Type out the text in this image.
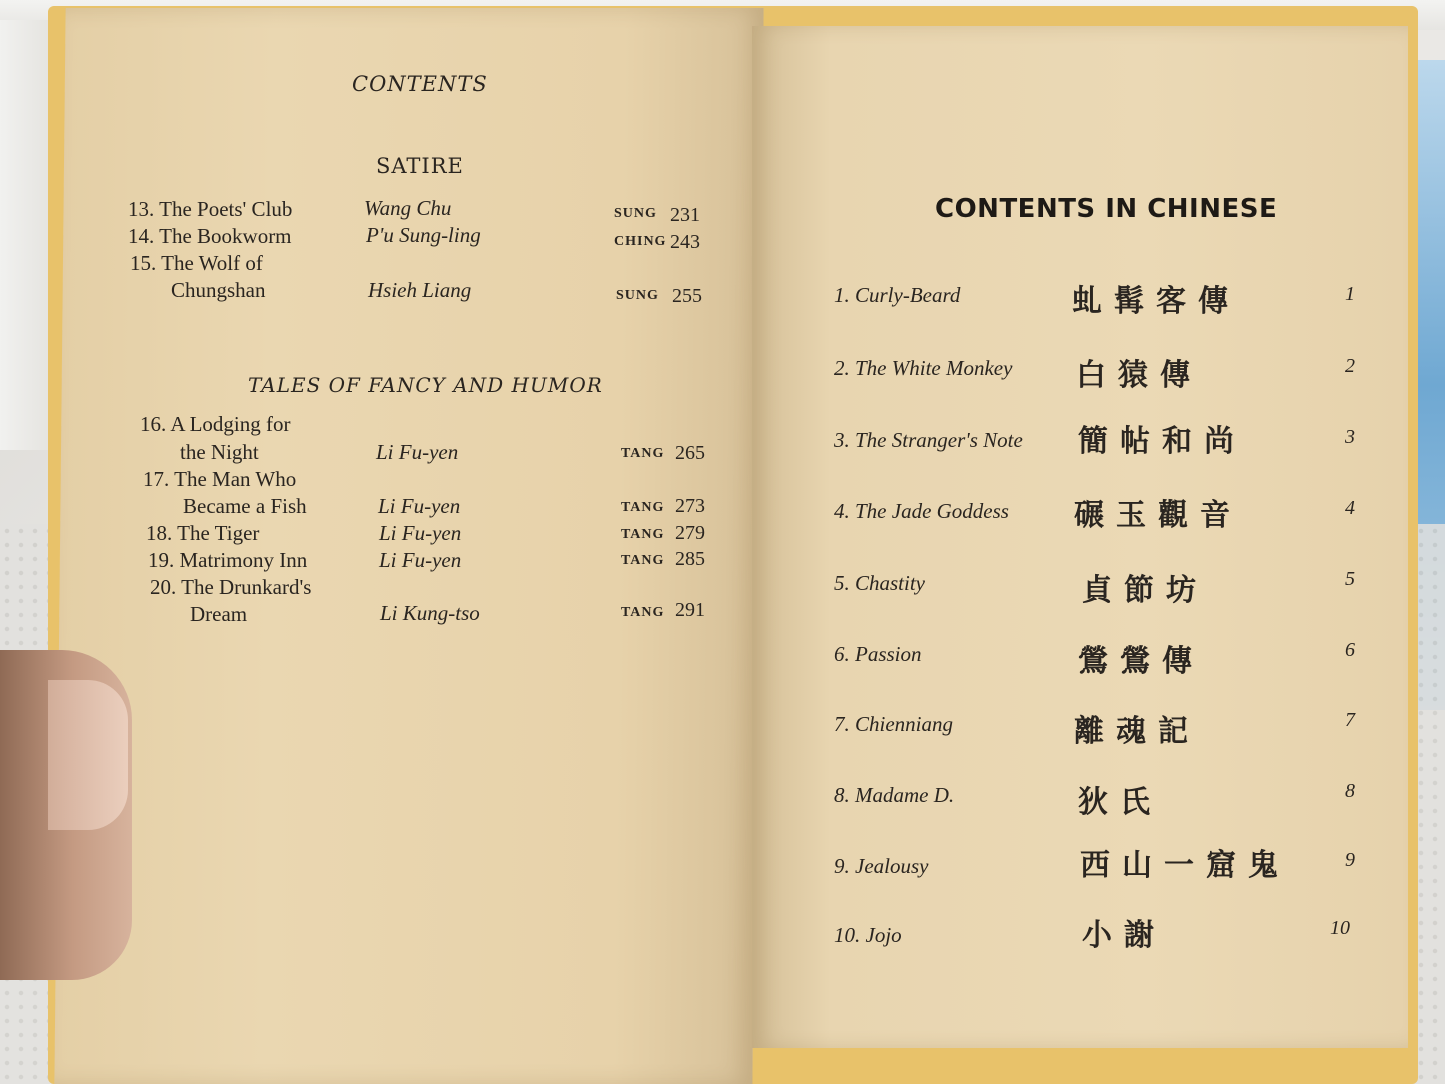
CONTENTS
SATIRE
13. The Poets' Club	Wang Chu	SUNG 231
14. The Bookworm	P'u Sung-ling	CHING 243
15. The Wolf of
Chungshan	Hsieh Liang	SUNG 255
TALES OF FANCY AND HUMOR
16. A Lodging for
the Night	Li Fu-yen	TANG 265
17. The Man Who
Became a Fish	Li Fu-yen	TANG 273
18. The Tiger	Li Fu-yen	TANG 279
19. Matrimony Inn	Li Fu-yen	TANG 285
20. The Drunkard's
Dream	Li Kung-tso	TANG 291
CONTENTS IN CHINESE
1. Curly-Beard	虬髯客傳	1
2. The White Monkey 白猿傳	2
3. The Stranger's Note 簡帖和尚	3
4. The Jade Goddess 碾玉觀音	4
5. Chastity	貞節坊	5
6. Passion	鶯鶯傳	6
7. Chienniang	離魂記	7
8. Madame D.	狄氏	8
9. Jealousy	西山一窟鬼	9
10. Jojo	小謝	10
